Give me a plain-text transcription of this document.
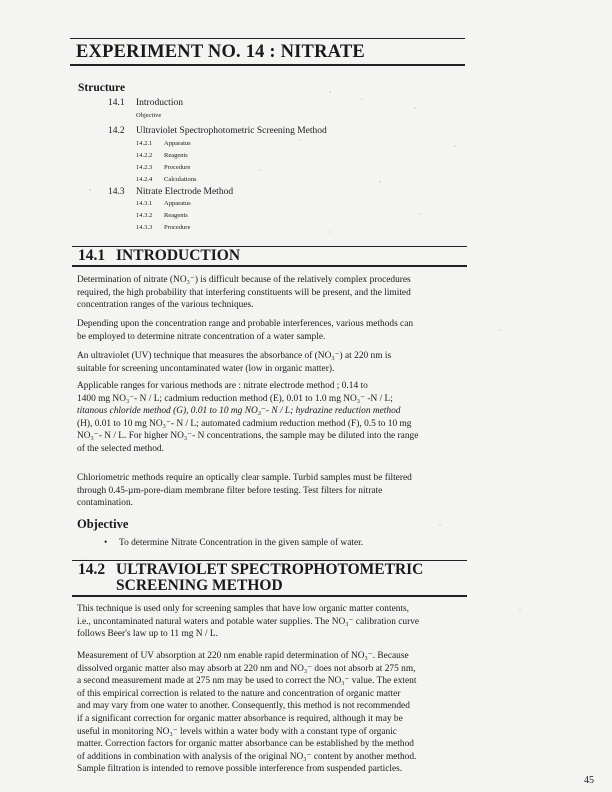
EXPERIMENT NO. 14 : NITRATE
Structure
14.1 Introduction
Objective
14.2 Ultraviolet Spectrophotometric Screening Method
14.2.1 Apparatus
14.2.2 Reagents
14.2.3 Procedure
14.2.4 Calculations
14.3 Nitrate Electrode Method
14.3.1 Apparatus
14.3.2 Reagents
14.3.3 Procedure
14.1 INTRODUCTION
Determination of nitrate (NO₃⁻) is difficult because of the relatively complex procedures
required, the high probability that interfering constituents will be present, and the limited
concentration ranges of the various techniques.
Depending upon the concentration range and probable interferences, various methods can
be employed to determine nitrate concentration of a water sample.
An ultraviolet (UV) technique that measures the absorbance of (NO₃⁻) at 220 nm is
suitable for screening uncontaminated water (low in organic matter).
Applicable ranges for various methods are : nitrate electrode method ; 0.14 to
1400 mg NO₃⁻- N / L; cadmium reduction method (E), 0.01 to 1.0 mg NO₃⁻ -N / L;
titanous chloride method (G), 0.01 to 10 mg NO₃⁻- N / L; hydrazine reduction method
(H), 0.01 to 10 mg NO₃⁻- N / L; automated cadmium reduction method (F), 0.5 to 10 mg
NO₃⁻- N / L. For higher NO₃⁻- N concentrations, the sample may be diluted into the range
of the selected method.
Chloriometric methods require an optically clear sample. Turbid samples must be filtered
through 0.45-µm-pore-diam membrane filter before testing. Test filters for nitrate
contamination.
Objective
•     To determine Nitrate Concentration in the given sample of water.
14.2 ULTRAVIOLET SPECTROPHOTOMETRIC
SCREENING METHOD
This technique is used only for screening samples that have low organic matter contents,
i.e., uncontaminated natural waters and potable water supplies. The NO₃⁻ calibration curve
follows Beer's law up to 11 mg N / L.
Measurement of UV absorption at 220 nm enable rapid determination of NO₃⁻. Because
dissolved organic matter also may absorb at 220 nm and NO₃⁻ does not absorb at 275 nm,
a second measurement made at 275 nm may be used to correct the NO₃⁻ value. The extent
of this empirical correction is related to the nature and concentration of organic matter
and may vary from one water to another. Consequently, this method is not recommended
if a significant correction for organic matter absorbance is required, although it may be
useful in monitoring NO₃⁻ levels within a water body with a constant type of organic
matter. Correction factors for organic matter absorbance can be established by the method
of additions in combination with analysis of the original NO₃⁻ content by another method.
Sample filtration is intended to remove possible interference from suspended particles.
45
